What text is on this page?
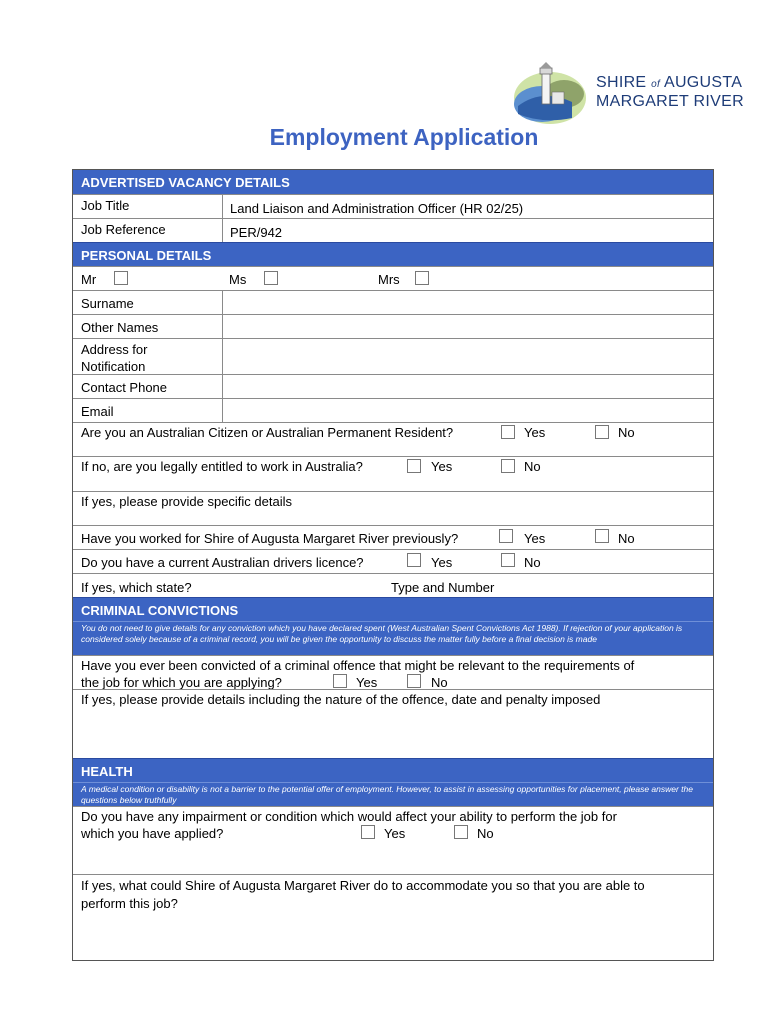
SHIRE of AUGUSTA
MARGARET RIVER
Employment Application
ADVERTISED VACANCY DETAILS
Job Title	Land Liaison and Administration Officer (HR 02/25)
Job Reference	PER/942
PERSONAL DETAILS
Mr	Ms	Mrs
Surname
Other Names
Address for
Notification
Contact Phone
Email
Are you an Australian Citizen or Australian Permanent Resident?	Yes	No
If no, are you legally entitled to work in Australia?	Yes	No
If yes, please provide specific details
Have you worked for Shire of Augusta Margaret River previously?	Yes	No
Do you have a current Australian drivers licence?	Yes	No
If yes, which state?	Type and Number
CRIMINAL CONVICTIONS
You do not need to give details for any conviction which you have declared spent (West Australian Spent Convictions Act 1988). If rejection of your application is considered solely because of a criminal record, you will be given the opportunity to discuss the matter fully before a final decision is made
Have you ever been convicted of a criminal offence that might be relevant to the requirements of
the job for which you are applying?	Yes	No
If yes, please provide details including the nature of the offence, date and penalty imposed
HEALTH
A medical condition or disability is not a barrier to the potential offer of employment. However, to assist in assessing opportunities for placement, please answer the questions below truthfully
Do you have any impairment or condition which would affect your ability to perform the job for
which you have applied?	Yes	No
If yes, what could Shire of Augusta Margaret River do to accommodate you so that you are able to
perform this job?
